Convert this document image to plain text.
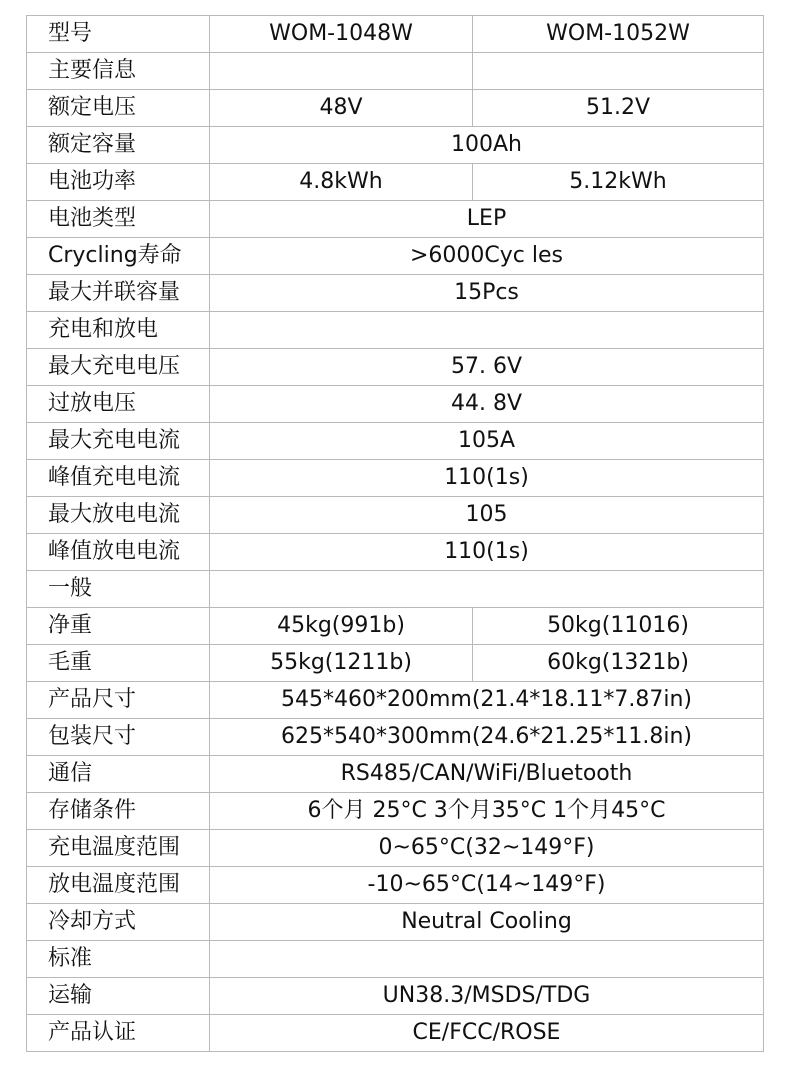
型号	WOM-1048W	WOM-1052W
主要信息		
额定电压	48V	51.2V
额定容量	100Ah	
电池功率	4.8kWh	5.12kWh
电池类型	LEP	
Crycling寿命	>6000Cyc les	
最大并联容量	15Pcs	
充电和放电		
最大充电电压	57. 6V	
过放电压	44. 8V	
最大充电电流	105A	
峰值充电电流	110(1s)	
最大放电电流	105	
峰值放电电流	110(1s)	
一般		
净重	45kg(991b)	50kg(11016)
毛重	55kg(1211b)	60kg(1321b)
产品尺寸	545*460*200mm(21.4*18.11*7.87in)	
包装尺寸	625*540*300mm(24.6*21.25*11.8in)	
通信	RS485/CAN/WiFi/Bluetooth	
存储条件	6个月 25°C 3个月35°C 1个月45°C	
充电温度范围	0~65°C(32~149°F)	
放电温度范围	-10~65°C(14~149°F)	
冷却方式	Neutral Cooling	
标准		
运输	UN38.3/MSDS/TDG	
产品认证	CE/FCC/ROSE	
